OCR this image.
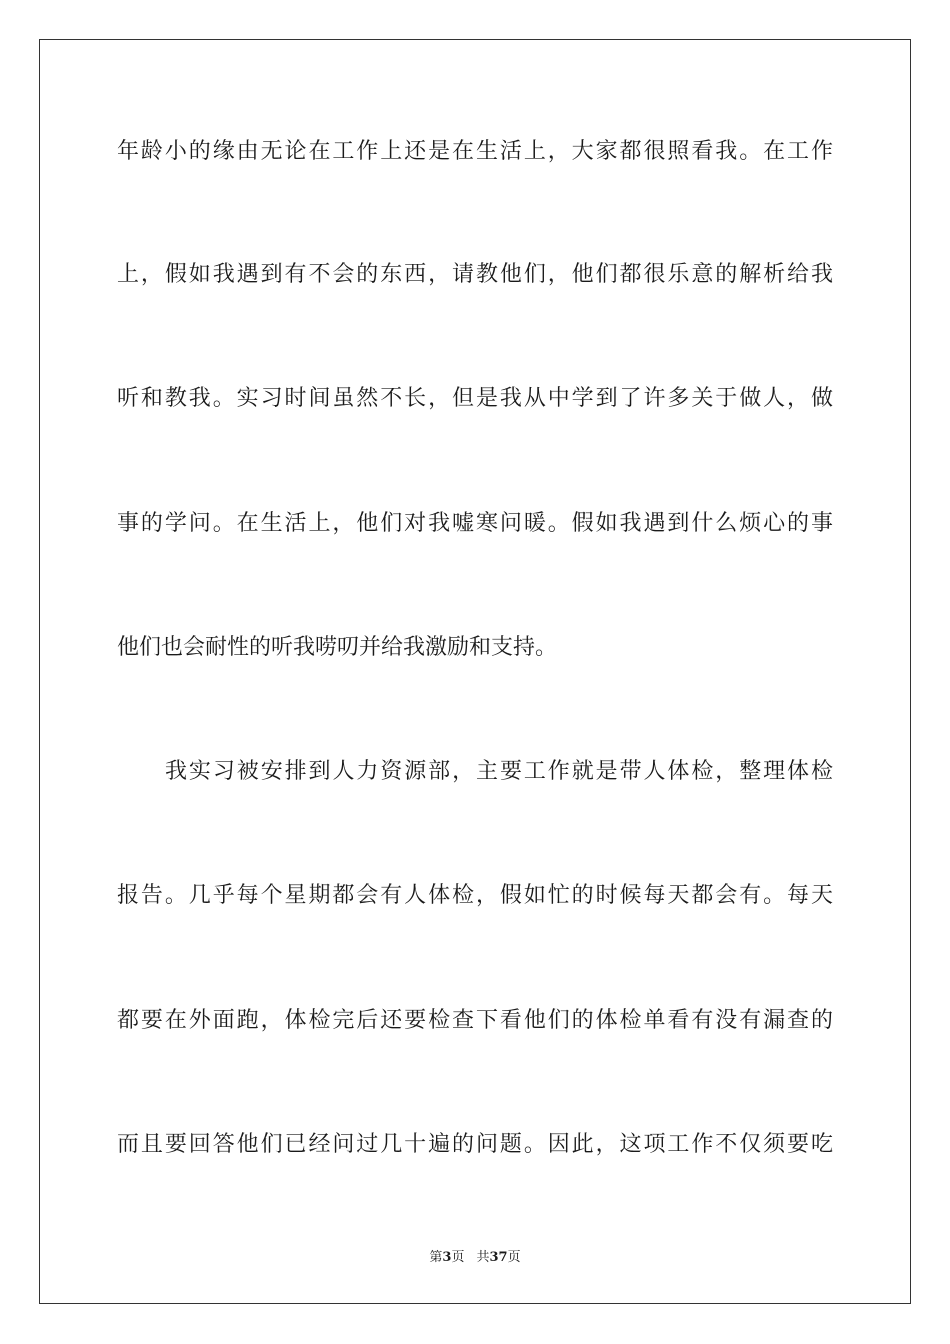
年龄小的缘由无论在工作上还是在生活上，大家都很照看我。在工作
上，假如我遇到有不会的东西，请教他们，他们都很乐意的解析给我
听和教我。实习时间虽然不长，但是我从中学到了许多关于做人，做
事的学问。在生活上，他们对我嘘寒问暖。假如我遇到什么烦心的事
他们也会耐性的听我唠叨并给我激励和支持。
我实习被安排到人力资源部，主要工作就是带人体检，整理体检
报告。几乎每个星期都会有人体检，假如忙的时候每天都会有。每天
都要在外面跑，体检完后还要检查下看他们的体检单看有没有漏查的
而且要回答他们已经问过几十遍的问题。因此，这项工作不仅须要吃
第3页 共37页
